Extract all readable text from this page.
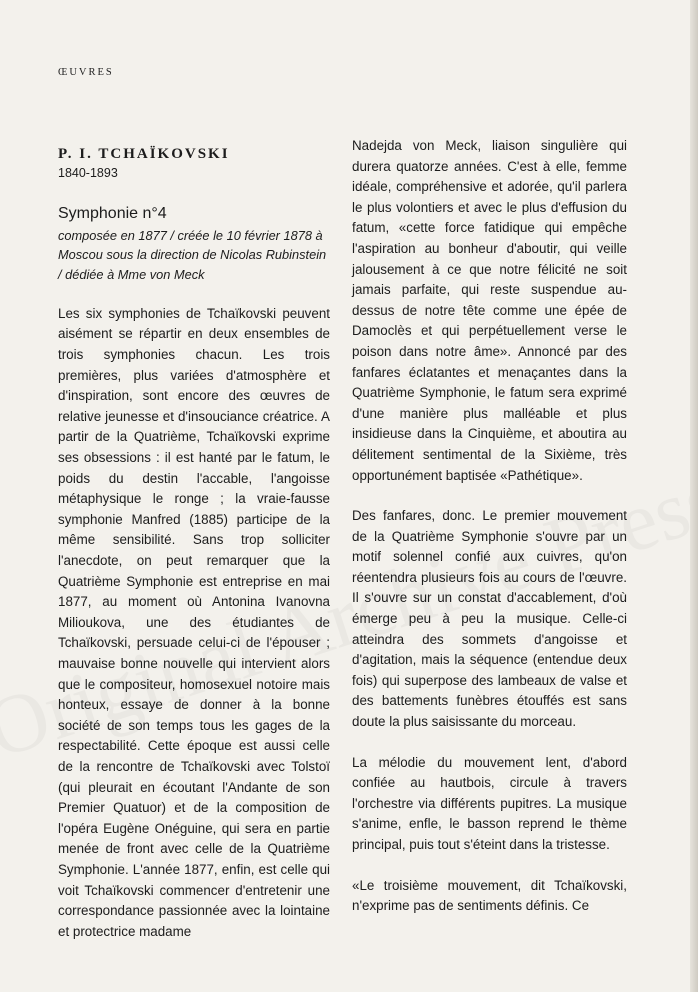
ŒUVRES
P. I. TCHAÏKOVSKI
1840-1893
Symphonie n°4
composée en 1877 / créée le 10 février 1878 à Moscou sous la direction de Nicolas Rubinstein / dédiée à Mme von Meck

Les six symphonies de Tchaïkovski peuvent aisément se répartir en deux ensembles de trois symphonies chacun. Les trois premières, plus variées d'atmosphère et d'inspiration, sont encore des œuvres de relative jeunesse et d'insouciance créatrice. A partir de la Quatrième, Tchaïkovski exprime ses obsessions : il est hanté par le fatum, le poids du destin l'accable, l'angoisse métaphysique le ronge ; la vraie-fausse symphonie Manfred (1885) participe de la même sensibilité. Sans trop solliciter l'anecdote, on peut remarquer que la Quatrième Symphonie est entreprise en mai 1877, au moment où Antonina Ivanovna Milioukova, une des étudiantes de Tchaïkovski, persuade celui-ci de l'épouser ; mauvaise bonne nouvelle qui intervient alors que le compositeur, homosexuel notoire mais honteux, essaye de donner à la bonne société de son temps tous les gages de la respectabilité. Cette époque est aussi celle de la rencontre de Tchaïkovski avec Tolstoï (qui pleurait en écoutant l'Andante de son Premier Quatuor) et de la composition de l'opéra Eugène Onéguine, qui sera en partie menée de front avec celle de la Quatrième Symphonie. L'année 1877, enfin, est celle qui voit Tchaïkovski commencer d'entretenir une correspondance passionnée avec la lointaine et protectrice madame

Nadejda von Meck, liaison singulière qui durera quatorze années. C'est à elle, femme idéale, compréhensive et adorée, qu'il parlera le plus volontiers et avec le plus d'effusion du fatum, «cette force fatidique qui empêche l'aspiration au bonheur d'aboutir, qui veille jalousement à ce que notre félicité ne soit jamais parfaite, qui reste suspendue au-dessus de notre tête comme une épée de Damoclès et qui perpétuellement verse le poison dans notre âme». Annoncé par des fanfares éclatantes et menaçantes dans la Quatrième Symphonie, le fatum sera exprimé d'une manière plus malléable et plus insidieuse dans la Cinquième, et aboutira au délitement sentimental de la Sixième, très opportunément baptisée «Pathétique».

Des fanfares, donc. Le premier mouvement de la Quatrième Symphonie s'ouvre par un motif solennel confié aux cuivres, qu'on réentendra plusieurs fois au cours de l'œuvre. Il s'ouvre sur un constat d'accablement, d'où émerge peu à peu la musique. Celle-ci atteindra des sommets d'angoisse et d'agitation, mais la séquence (entendue deux fois) qui superpose des lambeaux de valse et des battements funèbres étouffés est sans doute la plus saisissante du morceau.

La mélodie du mouvement lent, d'abord confiée au hautbois, circule à travers l'orchestre via différents pupitres. La musique s'anime, enfle, le basson reprend le thème principal, puis tout s'éteint dans la tristesse.

«Le troisième mouvement, dit Tchaïkovski, n'exprime pas de sentiments définis. Ce
